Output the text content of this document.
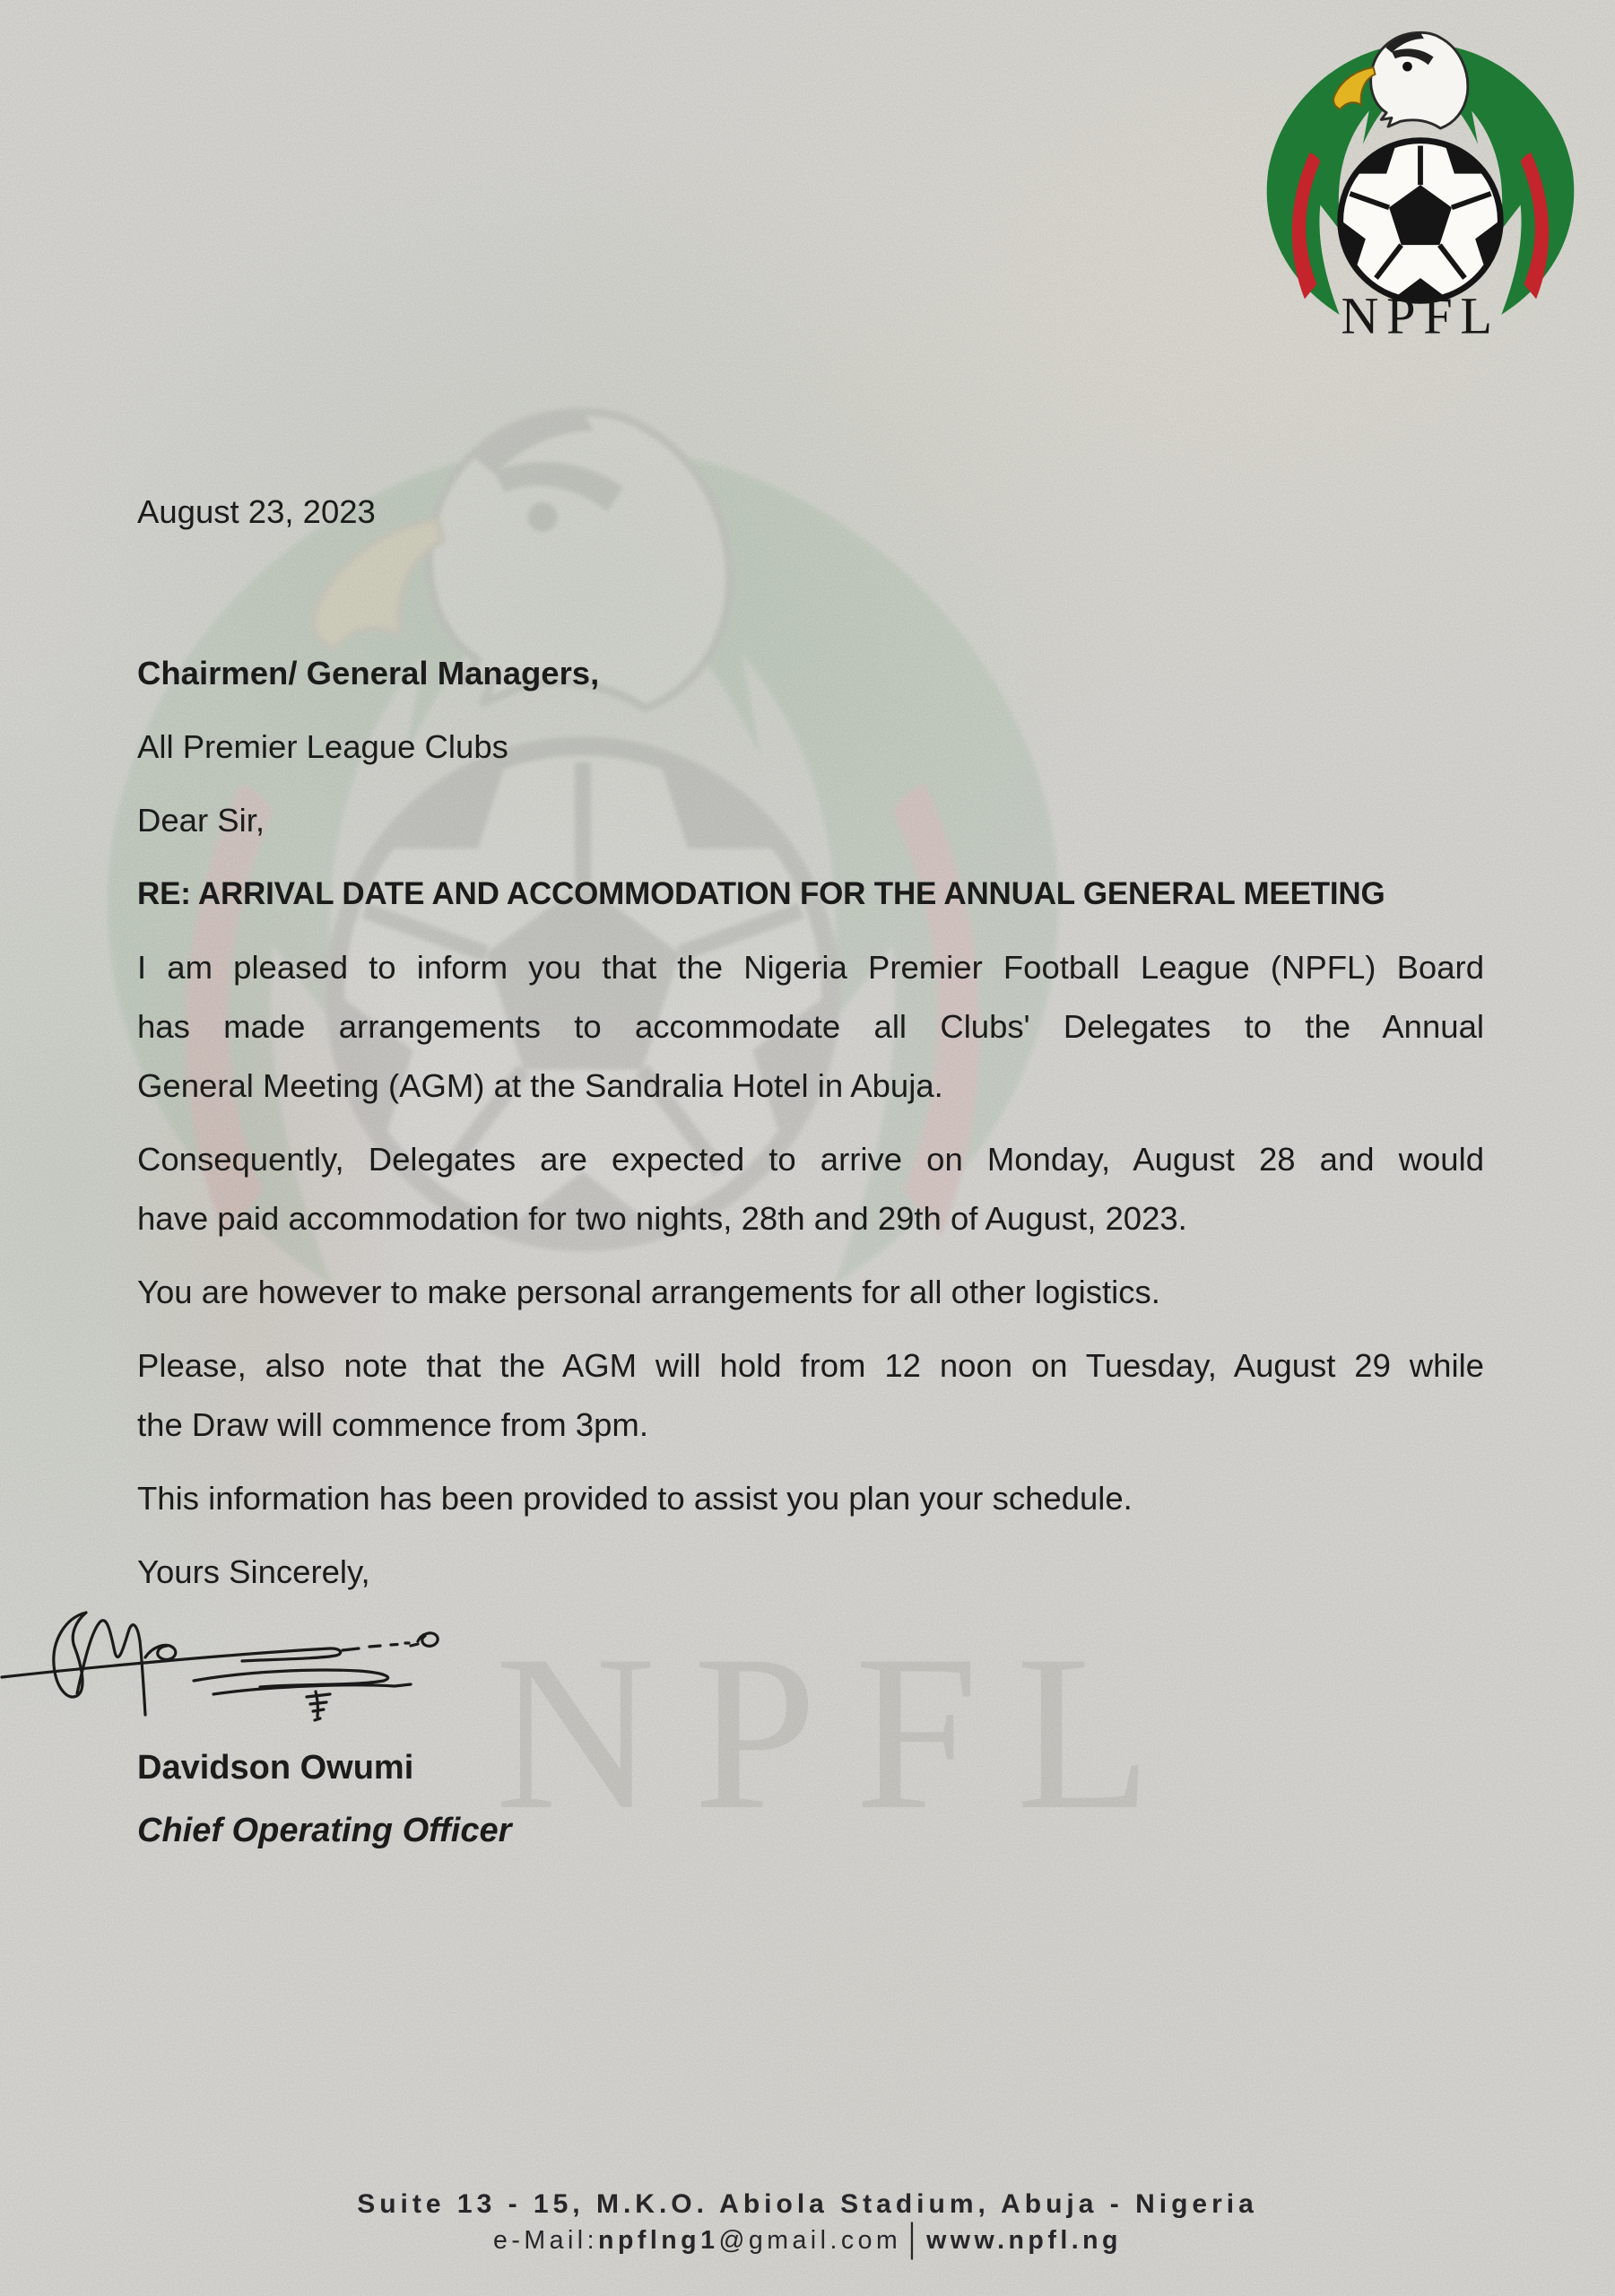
NPFL
NPFL

August 23, 2023

Chairmen/ General Managers,

All Premier League Clubs

Dear Sir,

RE: ARRIVAL DATE AND ACCOMMODATION FOR THE ANNUAL GENERAL MEETING

I am pleased to inform you that the Nigeria Premier Football League (NPFL) Board
has made arrangements to accommodate all Clubs' Delegates to the Annual
General Meeting (AGM) at the Sandralia Hotel in Abuja.

Consequently, Delegates are expected to arrive on Monday, August 28 and would
have paid accommodation for two nights, 28th and 29th of August, 2023.

You are however to make personal arrangements for all other logistics.

Please, also note that the AGM will hold from 12 noon on Tuesday, August 29 while
the Draw will commence from 3pm.

This information has been provided to assist you plan your schedule.

Yours Sincerely,

Davidson Owumi

Chief Operating Officer

Suite 13 - 15, M.K.O. Abiola Stadium, Abuja - Nigeria
e-Mail:npflng1@gmail.com | www.npfl.ng
